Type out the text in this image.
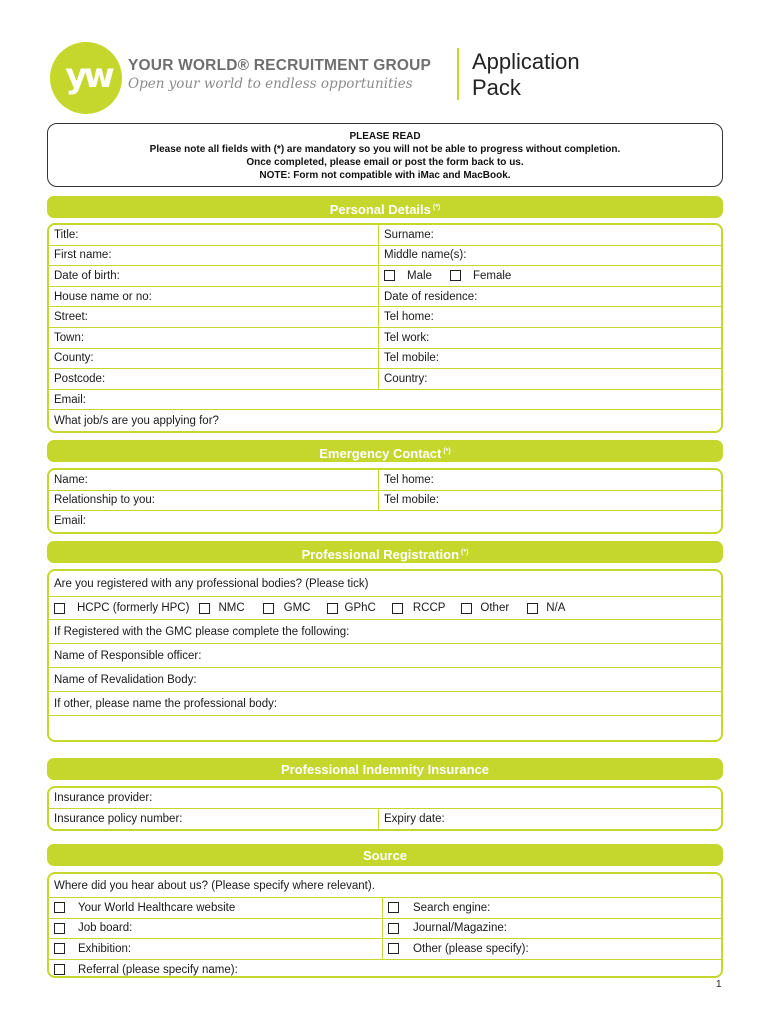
yw	YOUR WORLD® RECRUITMENT GROUP
Open your world to endless opportunities
Application
Pack
PLEASE READ
Please note all fields with (*) are mandatory so you will not be able to progress without completion.
Once completed, please email or post the form back to us.
NOTE: Form not compatible with iMac and MacBook.
Personal Details (*)
Title:	Surname:
First name:	Middle name(s):
Date of birth:	Male	Female
House name or no:	Date of residence:
Street:	Tel home:
Town:	Tel work:
County:	Tel mobile:
Postcode:	Country:
Email:
What job/s are you applying for?
Emergency Contact (*)
Name:	Tel home:
Relationship to you:	Tel mobile:
Email:
Professional Registration (*)
Are you registered with any professional bodies? (Please tick)
HCPC (formerly HPC)	NMC	GMC	GPhC	RCCP	Other	N/A
If Registered with the GMC please complete the following:
Name of Responsible officer:
Name of Revalidation Body:
If other, please name the professional body:
Professional Indemnity Insurance
Insurance provider:
Insurance policy number:	Expiry date:
Source
Where did you hear about us? (Please specify where relevant).
Your World Healthcare website	Search engine:
Job board:	Journal/Magazine:
Exhibition:	Other (please specify):
Referral (please specify name):
1
